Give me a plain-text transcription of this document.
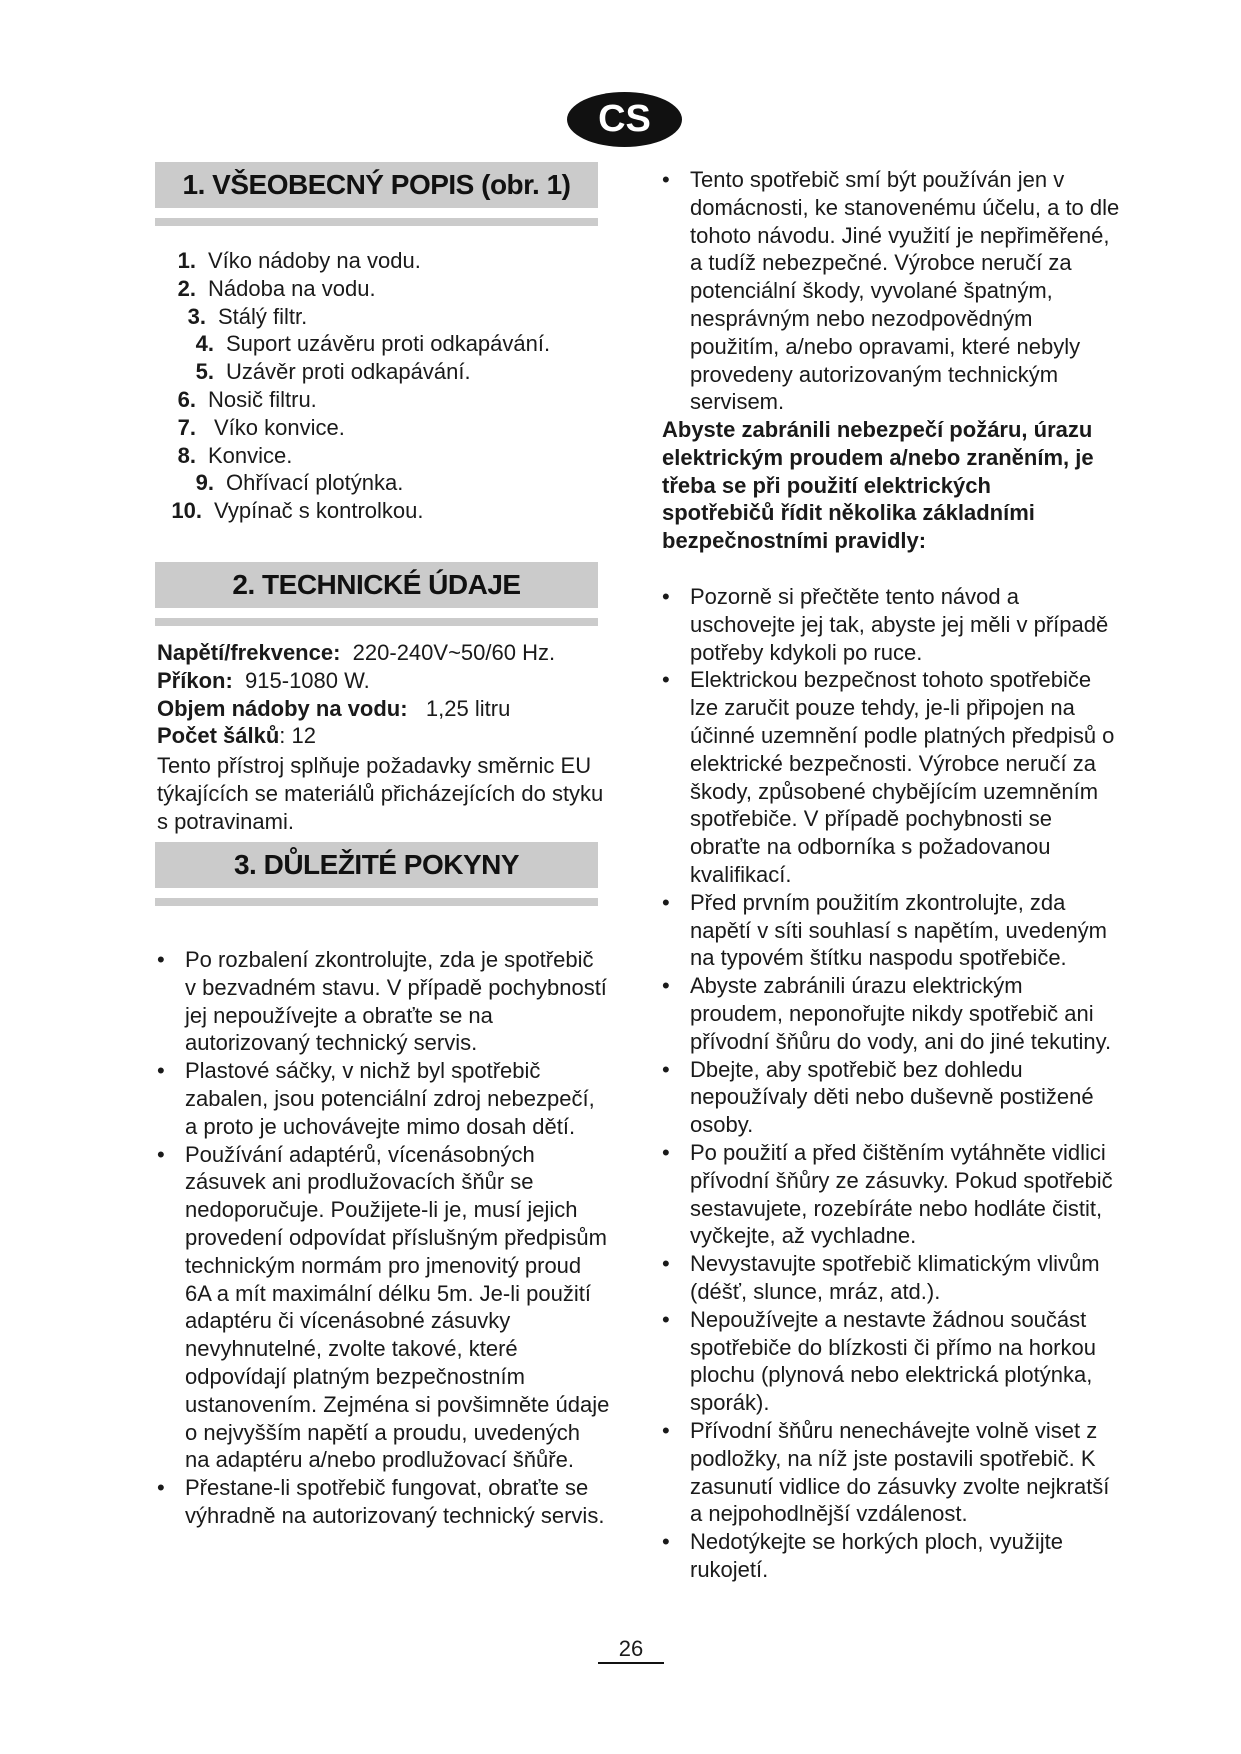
CS
1. VŠEOBECNÝ POPIS (obr. 1)
1. Víko nádoby na vodu.
2. Nádoba na vodu.
3. Stálý filtr.
4. Suport uzávěru proti odkapávání.
5. Uzávěr proti odkapávání.
6. Nosič filtru.
7. Víko konvice.
8. Konvice.
9. Ohřívací plotýnka.
10. Vypínač s kontrolkou.
2. TECHNICKÉ ÚDAJE
Napětí/frekvence: 220-240V~50/60 Hz.
Příkon: 915-1080 W.
Objem nádoby na vodu: 1,25 litru
Počet šálků: 12
Tento přístroj splňuje požadavky směrnic EU týkajících se materiálů přicházejících do styku s potravinami.
3. DŮLEŽITÉ POKYNY
• Po rozbalení zkontrolujte, zda je spotřebič v bezvadném stavu. V případě pochybností jej nepoužívejte a obraťte se na autorizovaný technický servis.
• Plastové sáčky, v nichž byl spotřebič zabalen, jsou potenciální zdroj nebezpečí, a proto je uchovávejte mimo dosah dětí.
• Používání adaptérů, vícenásobných zásuvek ani prodlužovacích šňůr se nedoporučuje. Použijete-li je, musí jejich provedení odpovídat příslušným předpisům technickým normám pro jmenovitý proud 6A a mít maximální délku 5m. Je-li použití adaptéru či vícenásobné zásuvky nevyhnutelné, zvolte takové, které odpovídají platným bezpečnostním ustanovením. Zejména si povšimněte údaje o nejvyšším napětí a proudu, uvedených na adaptéru a/nebo prodlužovací šňůře.
• Přestane-li spotřebič fungovat, obraťte se výhradně na autorizovaný technický servis.
• Tento spotřebič smí být používán jen v domácnosti, ke stanovenému účelu, a to dle tohoto návodu. Jiné využití je nepřiměřené, a tudíž nebezpečné. Výrobce neručí za potenciální škody, vyvolané špatným, nesprávným nebo nezodpovědným použitím, a/nebo opravami, které nebyly provedeny autorizovaným technickým servisem.
Abyste zabránili nebezpečí požáru, úrazu elektrickým proudem a/nebo zraněním, je třeba se při použití elektrických spotřebičů řídit několika základními bezpečnostními pravidly:
• Pozorně si přečtěte tento návod a uschovejte jej tak, abyste jej měli v případě potřeby kdykoli po ruce.
• Elektrickou bezpečnost tohoto spotřebiče lze zaručit pouze tehdy, je-li připojen na účinné uzemnění podle platných předpisů o elektrické bezpečnosti. Výrobce neručí za škody, způsobené chybějícím uzemněním spotřebiče. V případě pochybnosti se obraťte na odborníka s požadovanou kvalifikací.
• Před prvním použitím zkontrolujte, zda napětí v síti souhlasí s napětím, uvedeným na typovém štítku naspodu spotřebiče.
• Abyste zabránili úrazu elektrickým proudem, neponořujte nikdy spotřebič ani přívodní šňůru do vody, ani do jiné tekutiny.
• Dbejte, aby spotřebič bez dohledu nepoužívaly děti nebo duševně postižené osoby.
• Po použití a před čištěním vytáhněte vidlici přívodní šňůry ze zásuvky. Pokud spotřebič sestavujete, rozebíráte nebo hodláte čistit, vyčkejte, až vychladne.
• Nevystavujte spotřebič klimatickým vlivům (déšť, slunce, mráz, atd.).
• Nepoužívejte a nestavte žádnou součást spotřebiče do blízkosti či přímo na horkou plochu (plynová nebo elektrická plotýnka, sporák).
• Přívodní šňůru nenechávejte volně viset z podložky, na níž jste postavili spotřebič. K zasunutí vidlice do zásuvky zvolte nejkratší a nejpohodlnější vzdálenost.
• Nedotýkejte se horkých ploch, využijte rukojetí.
26
